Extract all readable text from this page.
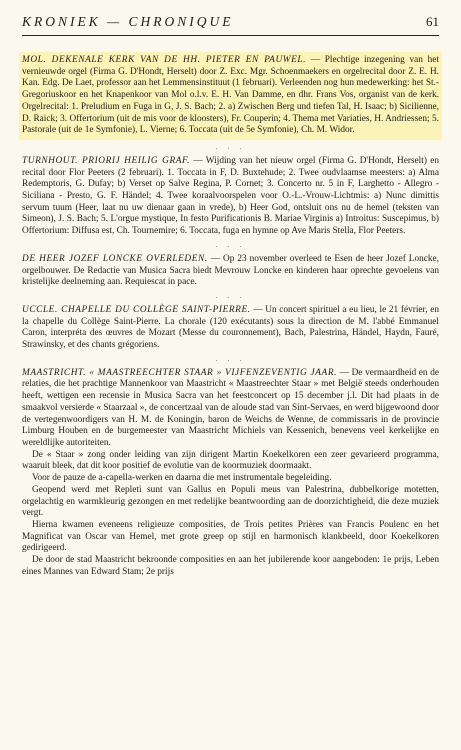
KRONIEK — CHRONIQUE	61

MOL. DEKENALE KERK VAN DE HH. PIETER EN PAUWEL. — Plechtige inzegening van het vernieuwde orgel (Firma G. D'Hondt, Herselt) door Z. Exc. Mgr. Schoenmaekers en orgelrecital door Z. E. H. Kan. Edg. De Laet, professor aan het Lemmensinstituut (1 februari). Verleenden nog hun medewerking: het St.-Gregoriuskoor en het Knapenkoor van Mol o.l.v. E. H. Van Damme, en dhr. Frans Vos, organist van de kerk. Orgelrecital: 1. Preludium en Fuga in G, J. S. Bach; 2. a) Zwischen Berg und tiefen Tal, H. Isaac; b) Sicilienne, D. Raick; 3. Offertorium (uit de mis voor de kloosters), Fr. Couperin; 4. Thema met Variaties, H. Andriessen; 5. Pastorale (uit de 1e Symfonie), L. Vierne; 6. Toccata (uit de 5e Symfonie), Ch. M. Widor.

· · ·

TURNHOUT. PRIORIJ HEILIG GRAF. — Wijding van het nieuw orgel (Firma G. D'Hondt, Herselt) en recital door Flor Peeters (2 februari). 1. Toccata in F, D. Buxtehude; 2. Twee oudvlaamse meesters: a) Alma Redemptoris, G. Dufay; b) Verset op Salve Regina, P. Cornet; 3. Concerto nr. 5 in F, Larghetto - Allegro - Siciliana - Presto, G. F. Händel; 4. Twee koraalvoorspelen voor O.-L.-Vrouw-Lichtmis: a) Nunc dimittis servum tuum (Heer, laat nu uw dienaar gaan in vrede), b) Heer God, ontsluit ons nu de hemel (teksten van Simeon), J. S. Bach; 5. L'orgue mystique, In festo Purificationis B. Mariae Virginis a) Introitus: Suscepimus, b) Offertorium: Diffusa est, Ch. Tournemire; 6. Toccata, fuga en hymne op Ave Maris Stella, Flor Peeters.

· · ·

DE HEER JOZEF LONCKE OVERLEDEN. — Op 23 november overleed te Esen de heer Jozef Loncke, orgelbouwer. De Redactie van Musica Sacra biedt Mevrouw Loncke en kinderen haar oprechte gevoelens van kristelijke deelneming aan. Requiescat in pace.

· · ·

UCCLE. CHAPELLE DU COLLÈGE SAINT-PIERRE. — Un concert spirituel a eu lieu, le 21 février, en la chapelle du Collège Saint-Pierre. La chorale (120 exécutants) sous la direction de M. l'abbé Emmanuel Caron, interpréta des œuvres de Mozart (Messe du couronnement), Bach, Palestrina, Händel, Haydn, Fauré, Strawinsky, et des chants grégoriens.

· · ·

MAASTRICHT. « MAASTREECHTER STAAR » VIJFENZEVENTIG JAAR. — De vermaardheid en de relaties, die het prachtige Mannenkoor van Maastricht « Maastreechter Staar » met België steeds onderhouden heeft, wettigen een recensie in Musica Sacra van het feestconcert op 15 december j.l. Dit had plaats in de smaakvol versierde « Staarzaal », de concertzaal van de aloude stad van Sint-Servaes, en werd bijgewoond door de vertegenwoordigers van H. M. de Koningin, baron de Weichs de Wenne, de commissaris in de provincie Limburg Houben en de burgemeester van Maastricht Michiels van Kessenich, benevens veel kerkelijke en wereldlijke autoriteiten.

De « Staar » zong onder leiding van zijn dirigent Martin Koekelkoren een zeer gevarieerd programma, waaruit bleek, dat dit koor positief de evolutie van de koormuziek doormaakt.

Voor de pauze de a-capella-werken en daarna die met instrumentale begeleiding.

Geopend werd met Repleti sunt van Gallus en Populi meus van Palestrina, dubbelkorige motetten, orgelachtig en warmkleurig gezongen en met redelijke beantwoording aan de doorzichtigheid, die deze muziek vergt.

Hierna kwamen eveneens religieuze composities, de Trois petites Prières van Francis Poulenc en het Magnificat van Oscar van Hemel, met grote greep op stijl en harmonisch klankbeeld, door Koekelkoren gedirigeerd.

De door de stad Maastricht bekroonde composities en aan het jubilerende koor aangeboden: 1e prijs, Leben eines Mannes van Edward Stam; 2e prijs
